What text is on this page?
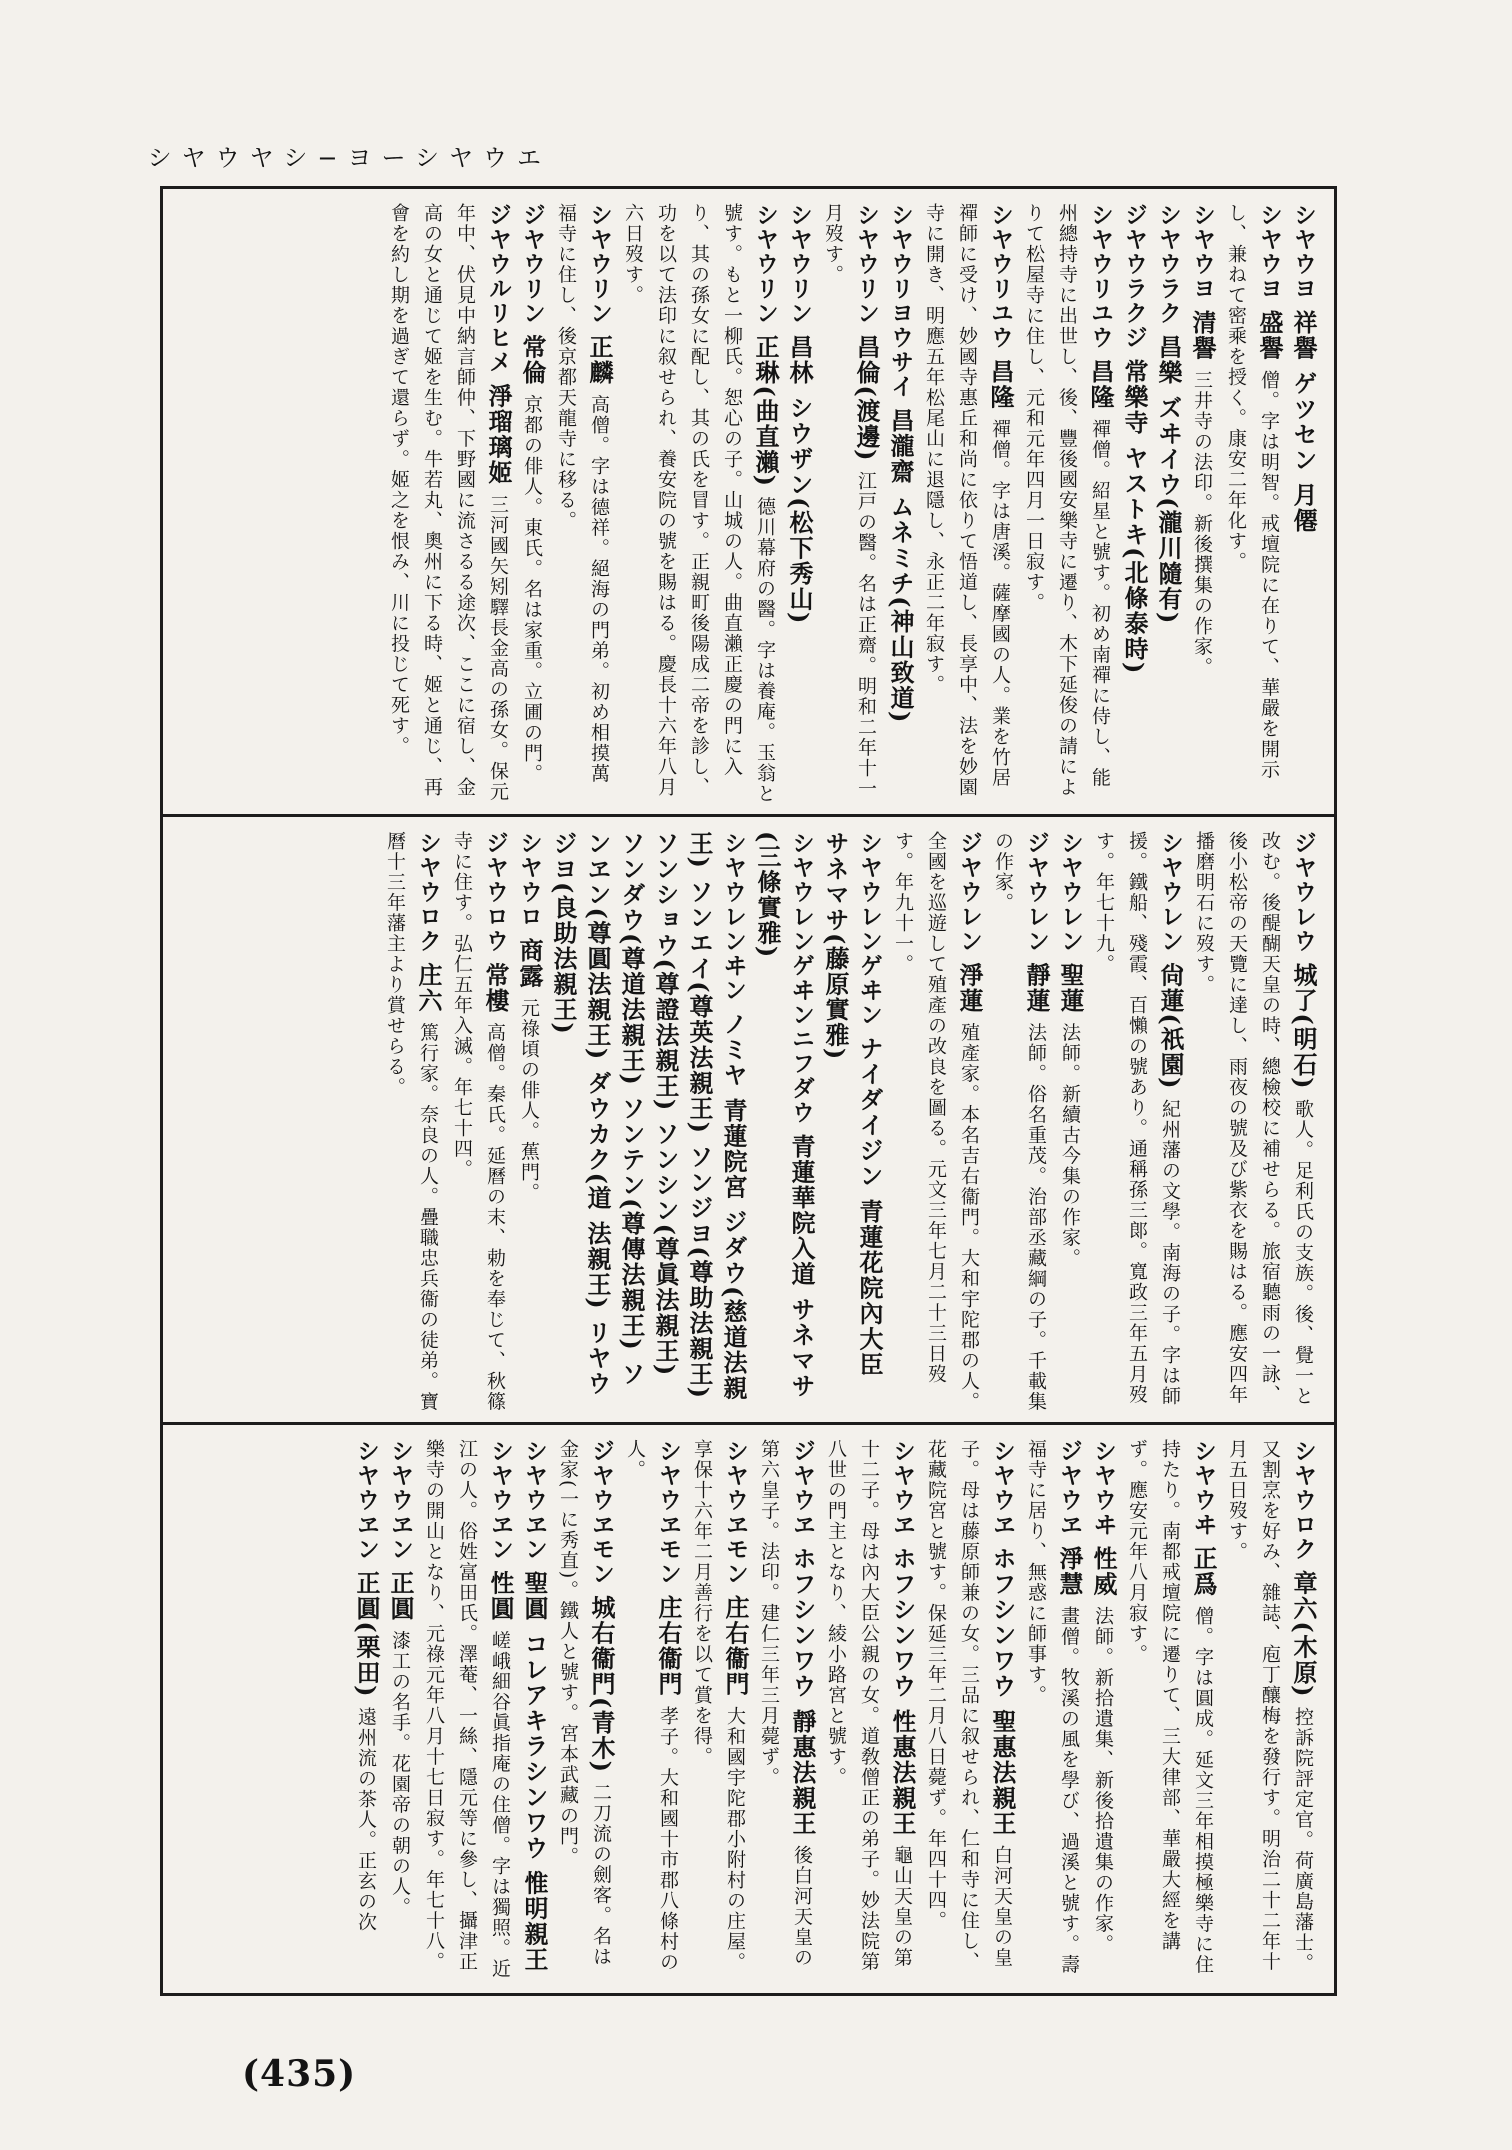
シヤウヤシ−ヨーシヤウエ
シヤウヨ 祥譽 ゲツセン 月僊
シヤウヨ 盛譽 僧。字は明智。戒壇院に在りて、華嚴を開示し、兼ねて密乘を授く。康安二年化す。
シヤウヨ 清譽 三井寺の法印。新後撰集の作家。
シヤウラク 昌樂 ズヰイウ(瀧川隨有)
ジヤウラクジ 常樂寺 ヤストキ(北條泰時)
シヤウリユウ 昌隆 禪僧。紹星と號す。初め南禪に侍し、能州總持寺に出世し、後、豐後國安樂寺に遷り、木下延俊の請によりて松屋寺に住し、元和元年四月一日寂す。
シヤウリユウ 昌隆 禪僧。字は唐溪。薩摩國の人。業を竹居禪師に受け、妙國寺惠丘和尚に依りて悟道し、長享中、法を妙園寺に開き、明應五年松尾山に退隱し、永正二年寂す。
シヤウリヨウサイ 昌瀧齋 ムネミチ(神山致道)
シヤウリン 昌倫(渡邊) 江戸の醫。名は正齋。明和二年十一月歿す。
シヤウリン 昌林 シウザン(松下秀山)
シヤウリン 正琳(曲直瀨) 德川幕府の醫。字は養庵。玉翁と號す。もと一柳氏。恕心の子。山城の人。曲直瀨正慶の門に入り、其の孫女に配し、其の氏を冒す。正親町後陽成二帝を診し、功を以て法印に叙せられ、養安院の號を賜はる。慶長十六年八月六日歿す。
シヤウリン 正麟 高僧。字は德祥。絕海の門弟。初め相摸萬福寺に住し、後京都天龍寺に移る。
ジヤウリン 常倫 京都の俳人。東氏。名は家重。立圃の門。
ジヤウルリヒメ 淨瑠璃姬 三河國矢矧驛長金高の孫女。保元年中、伏見中納言師仲、下野國に流さるる途次、ここに宿し、金高の女と通じて姬を生む。牛若丸、奧州に下る時、姬と通じ、再會を約し期を過ぎて還らず。姬之を恨み、川に投じて死す。
ジヤウレウ 城了(明石) 歌人。足利氏の支族。後、覺一と改む。後醍醐天皇の時、總檢校に補せらる。旅宿聽雨の一詠、後小松帝の天覽に達し、雨夜の號及び紫衣を賜はる。應安四年播磨明石に歿す。
シヤウレン 尙蓮(祇園) 紀州藩の文學。南海の子。字は師援。鐵船、殘霞、百懶の號あり。通稱孫三郞。寬政三年五月歿す。年七十九。
シヤウレン 聖蓮 法師。新續古今集の作家。
ジヤウレン 靜蓮 法師。俗名重茂。治部丞藏綱の子。千載集の作家。
ジヤウレン 淨蓮 殖產家。本名吉右衞門。大和宇陀郡の人。全國を巡遊して殖產の改良を圖る。元文三年七月二十三日歿す。年九十一。
シヤウレンゲヰン ナイダイジン 青蓮花院內大臣 サネマサ(藤原實雅)
シヤウレンゲヰンニフダウ 青蓮華院入道 サネマサ(三條實雅)
シヤウレンヰン ノミヤ 青蓮院宮 ジダウ(慈道法親王) ソンエイ(尊英法親王) ソンジヨ(尊助法親王) ソンショウ(尊證法親王) ソンシン(尊眞法親王) ソンダウ(尊道法親王) ソンテン(尊傳法親王) ソンヱン(尊圓法親王) ダウカク(道 法親王) リヤウジヨ(良助法親王)
シヤウロ 商露 元祿頃の俳人。蕉門。
ジヤウロウ 常樓 高僧。秦氏。延曆の末、勅を奉じて、秋篠寺に住す。弘仁五年入滅。年七十四。
シヤウロク 庄六 篤行家。奈良の人。疊職忠兵衞の徒弟。寶曆十三年藩主より賞せらる。
シヤウロク 章六(木原) 控訴院評定官。荷廣島藩士。又割烹を好み、雜誌、庖丁釀梅を發行す。明治二十二年十月五日歿す。
シヤウヰ 正爲 僧。字は圓成。延文三年相摸極樂寺に住持たり。南都戒壇院に遷りて、三大律部、華嚴大經を講ず。應安元年八月寂す。
シヤウヰ 性威 法師。新拾遺集、新後拾遺集の作家。
ジヤウヱ 淨慧 畫僧。牧溪の風を學び、過溪と號す。壽福寺に居り、無惑に師事す。
シヤウヱ ホフシンワウ 聖惠法親王 白河天皇の皇子。母は藤原師兼の女。三品に叙せられ、仁和寺に住し、花藏院宮と號す。保延三年二月八日薨ず。年四十四。
シヤウヱ ホフシンワウ 性惠法親王 龜山天皇の第十二子。母は內大臣公親の女。道敎僧正の弟子。妙法院第八世の門主となり、綾小路宮と號す。
ジヤウヱ ホフシンワウ 靜惠法親王 後白河天皇の第六皇子。法印。建仁三年三月薨ず。
シヤウヱモン 庄右衞門 大和國宇陀郡小附村の庄屋。享保十六年二月善行を以て賞を得。
シヤウヱモン 庄右衞門 孝子。大和國十市郡八條村の人。
ジヤウヱモン 城右衞門(青木) 二刀流の劍客。名は金家(一に秀直)。鐵人と號す。宮本武藏の門。
シヤウヱン 聖圓 コレアキラシンワウ 惟明親王
シヤウヱン 性圓 嵯峨細谷眞指庵の住僧。字は獨照。近江の人。俗姓富田氏。澤菴、一絲、隱元等に參し、攝津正樂寺の開山となり、元祿元年八月十七日寂す。年七十八。
シヤウヱン 正圓 漆工の名手。花園帝の朝の人。
シヤウヱン 正圓(栗田) 遠州流の茶人。正玄の次
(435)
